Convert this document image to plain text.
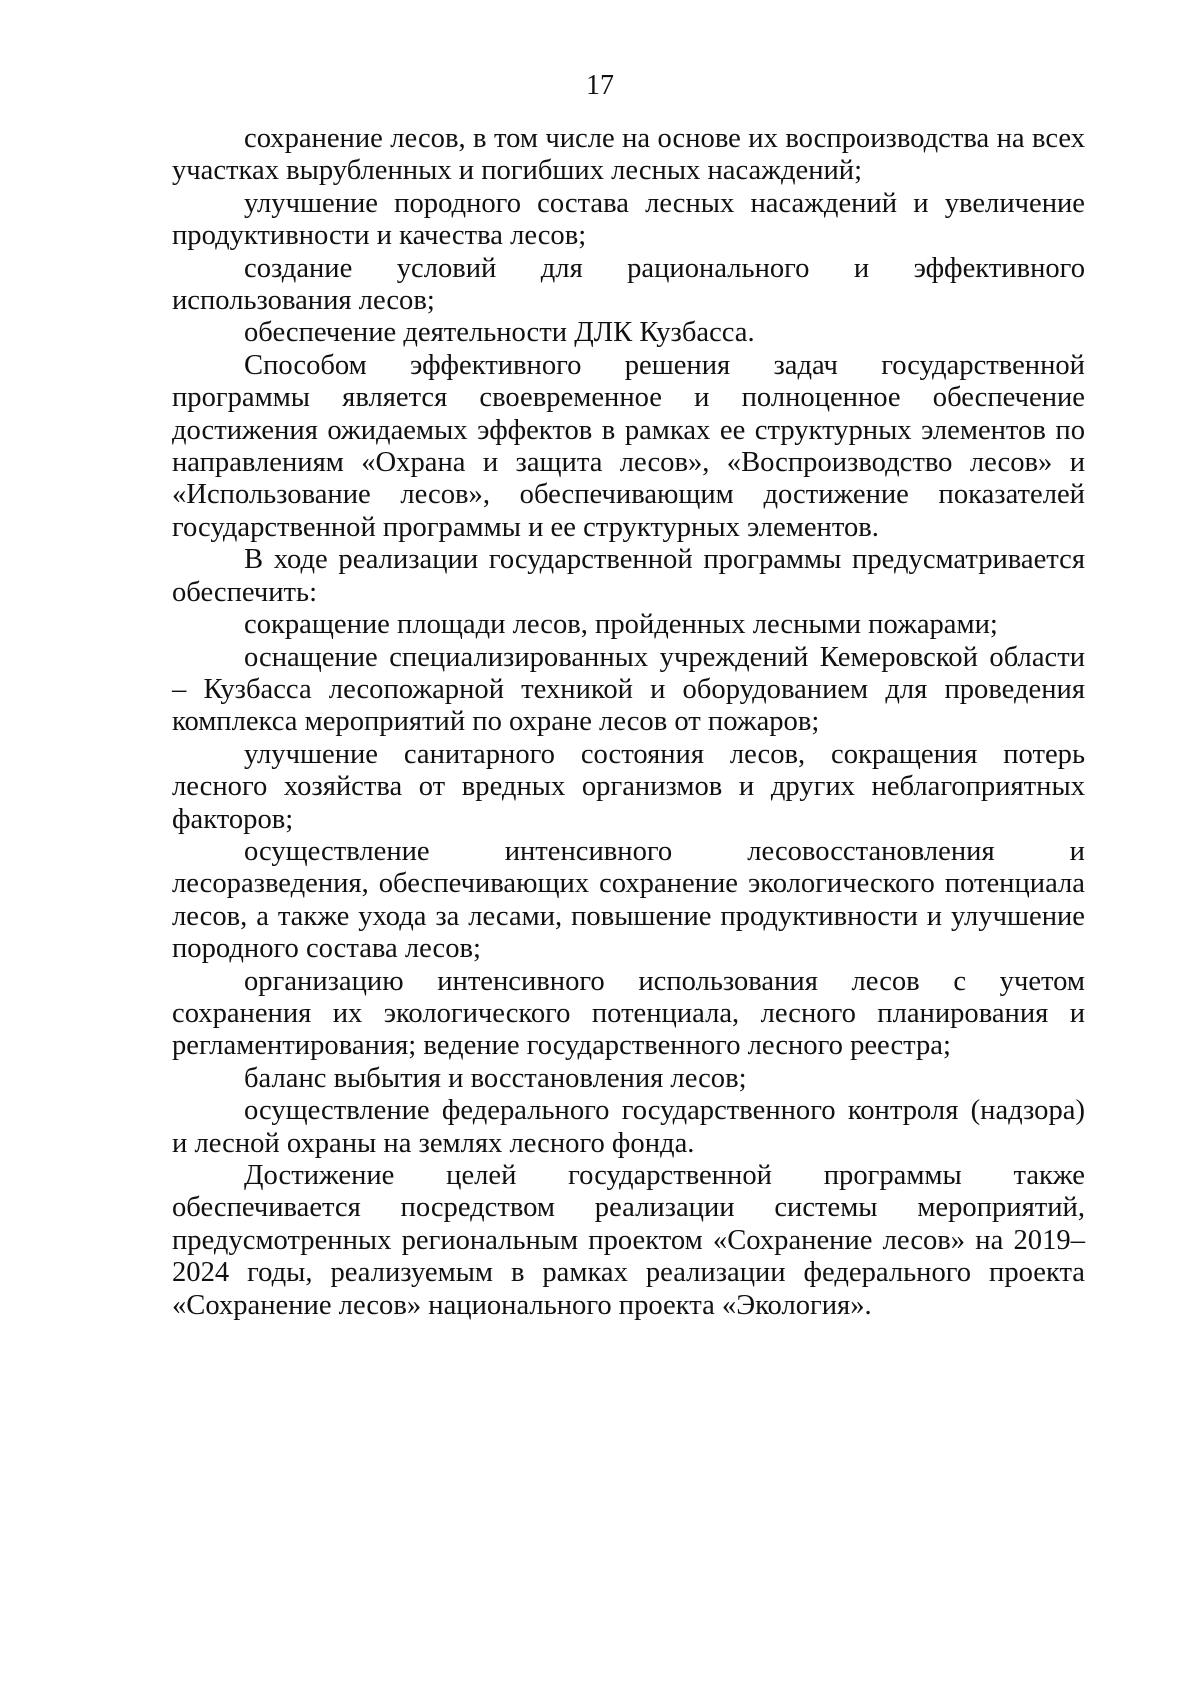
17

сохранение лесов, в том числе на основе их воспроизводства на всех участках вырубленных и погибших лесных насаждений;

улучшение породного состава лесных насаждений и увеличение продуктивности и качества лесов;

создание условий для рационального и эффективного использования лесов;

обеспечение деятельности ДЛК Кузбасса.

Способом эффективного решения задач государственной программы является своевременное и полноценное обеспечение достижения ожидаемых эффектов в рамках ее структурных элементов по направлениям «Охрана и защита лесов», «Воспроизводство лесов» и «Использование лесов», обеспечивающим достижение показателей государственной программы и ее структурных элементов.

В ходе реализации государственной программы предусматривается обеспечить:

сокращение площади лесов, пройденных лесными пожарами;

оснащение специализированных учреждений Кемеровской области – Кузбасса лесопожарной техникой и оборудованием для проведения комплекса мероприятий по охране лесов от пожаров;

улучшение санитарного состояния лесов, сокращения потерь лесного хозяйства от вредных организмов и других неблагоприятных факторов;

осуществление интенсивного лесовосстановления и лесоразведения, обеспечивающих сохранение экологического потенциала лесов, а также ухода за лесами, повышение продуктивности и улучшение породного состава лесов;

организацию интенсивного использования лесов с учетом сохранения их экологического потенциала, лесного планирования и регламентирования; ведение государственного лесного реестра;

баланс выбытия и восстановления лесов;

осуществление федерального государственного контроля (надзора) и лесной охраны на землях лесного фонда.

Достижение целей государственной программы также обеспечивается посредством реализации системы мероприятий, предусмотренных региональным проектом «Сохранение лесов» на 2019–2024 годы, реализуемым в рамках реализации федерального проекта «Сохранение лесов» национального проекта «Экология».
